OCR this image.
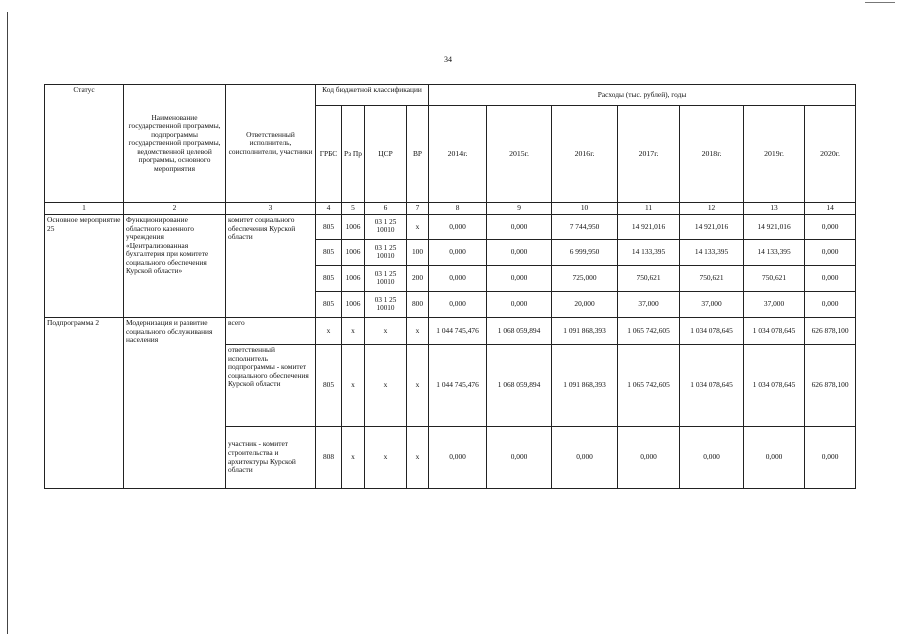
34
Статус	Наименование государственной программы, подпрограммы государственной программы, ведомственной целевой программы, основного мероприятия	Ответственный исполнитель, соисполнители, участники	Код бюджетной классификации				Расходы (тыс. рублей), годы						
			ГРБС	Рз Пр	ЦСР	ВР	2014г.	2015г.	2016г.	2017г.	2018г.	2019г.	2020г.
1	2	3	4	5	6	7	8	9	10	11	12	13	14
Основное мероприятие 25	Функционирование областного казенного учреждения «Централизованная бухгалтерия при комитете социального обеспечения Курской области»	комитет социального обеспечения Курской области	805	1006	03 1 25 10010	x	0,000	0,000	7 744,950	14 921,016	14 921,016	14 921,016	0,000
			805	1006	03 1 25 10010	100	0,000	0,000	6 999,950	14 133,395	14 133,395	14 133,395	0,000
			805	1006	03 1 25 10010	200	0,000	0,000	725,000	750,621	750,621	750,621	0,000
			805	1006	03 1 25 10010	800	0,000	0,000	20,000	37,000	37,000	37,000	0,000
Подпрограмма 2	Модернизация и развитие социального обслуживания населения	всего	x	x	x	x	1 044 745,476	1 068 059,894	1 091 868,393	1 065 742,605	1 034 078,645	1 034 078,645	626 878,100
		ответственный исполнитель подпрограммы - комитет социального обеспечения Курской области	805	x	x	x	1 044 745,476	1 068 059,894	1 091 868,393	1 065 742,605	1 034 078,645	1 034 078,645	626 878,100
		участник - комитет строительства и архитектуры Курской области	808	x	x	x	0,000	0,000	0,000	0,000	0,000	0,000	0,000
